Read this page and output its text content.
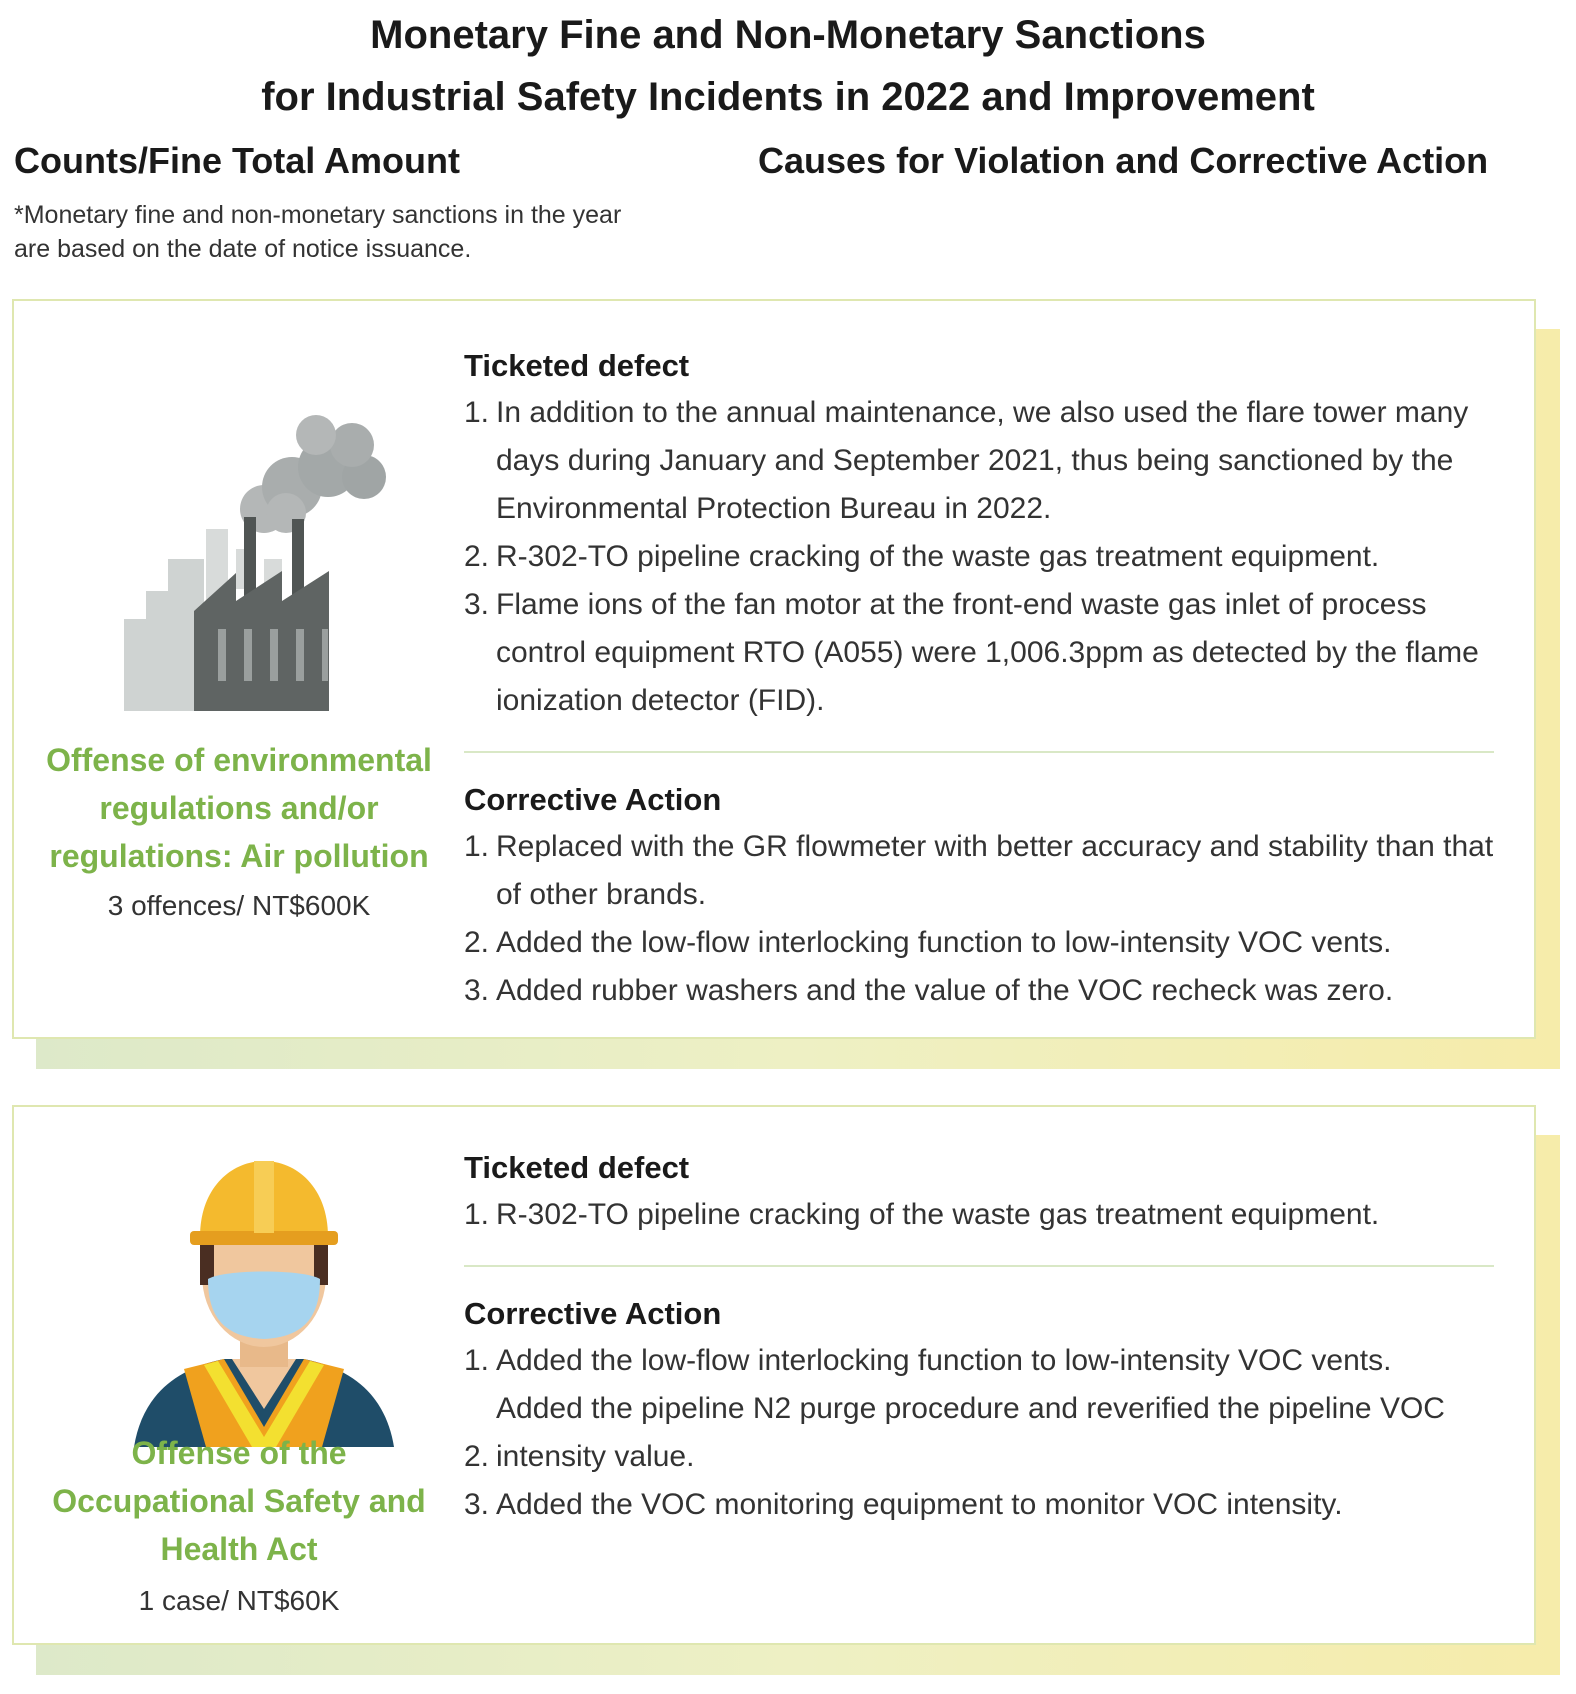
Monetary Fine and Non-Monetary Sanctions
for Industrial Safety Incidents in 2022 and Improvement
Counts/Fine Total Amount	Causes for Violation and Corrective Action
*Monetary fine and non-monetary sanctions in the year are based on the date of notice issuance.
Offense of environmental regulations and/or regulations: Air pollution
3 offences/ NT$600K
Ticketed defect
1. In addition to the annual maintenance, we also used the flare tower many days during January and September 2021, thus being sanctioned by the Environmental Protection Bureau in 2022.
2. R-302-TO pipeline cracking of the waste gas treatment equipment.
3. Flame ions of the fan motor at the front-end waste gas inlet of process control equipment RTO (A055) were 1,006.3ppm as detected by the flame ionization detector (FID).
Corrective Action
1. Replaced with the GR flowmeter with better accuracy and stability than that of other brands.
2. Added the low-flow interlocking function to low-intensity VOC vents.
3. Added rubber washers and the value of the VOC recheck was zero.
Offense of the Occupational Safety and Health Act
1 case/ NT$60K
Ticketed defect
1. R-302-TO pipeline cracking of the waste gas treatment equipment.
Corrective Action
1. Added the low-flow interlocking function to low-intensity VOC vents.
Added the pipeline N2 purge procedure and reverified the pipeline VOC
2. intensity value.
3. Added the VOC monitoring equipment to monitor VOC intensity.
